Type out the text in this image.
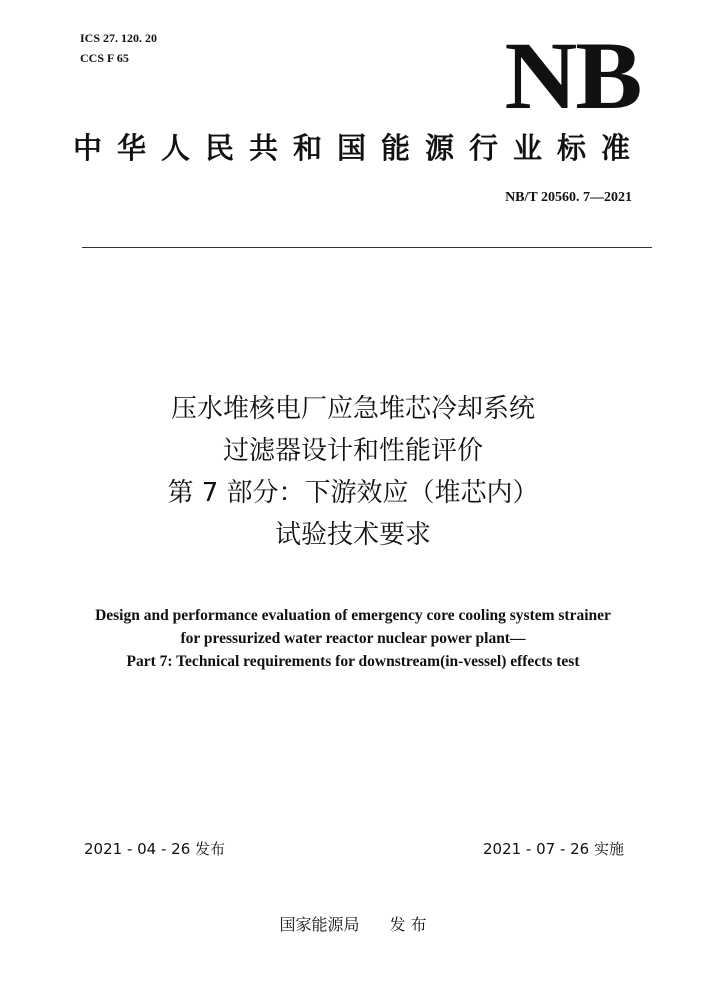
ICS 27. 120. 20
CCS F 65	NB
中华人民共和国能源行业标准
NB/T 20560. 7—2021
压水堆核电厂应急堆芯冷却系统
过滤器设计和性能评价
第 7 部分：下游效应（堆芯内）
试验技术要求
Design and performance evaluation of emergency core cooling system strainer
for pressurized water reactor nuclear power plant—
Part 7: Technical requirements for downstream(in-vessel) effects test
2021 - 04 - 26 发布	2021 - 07 - 26 实施
国家能源局 发 布
